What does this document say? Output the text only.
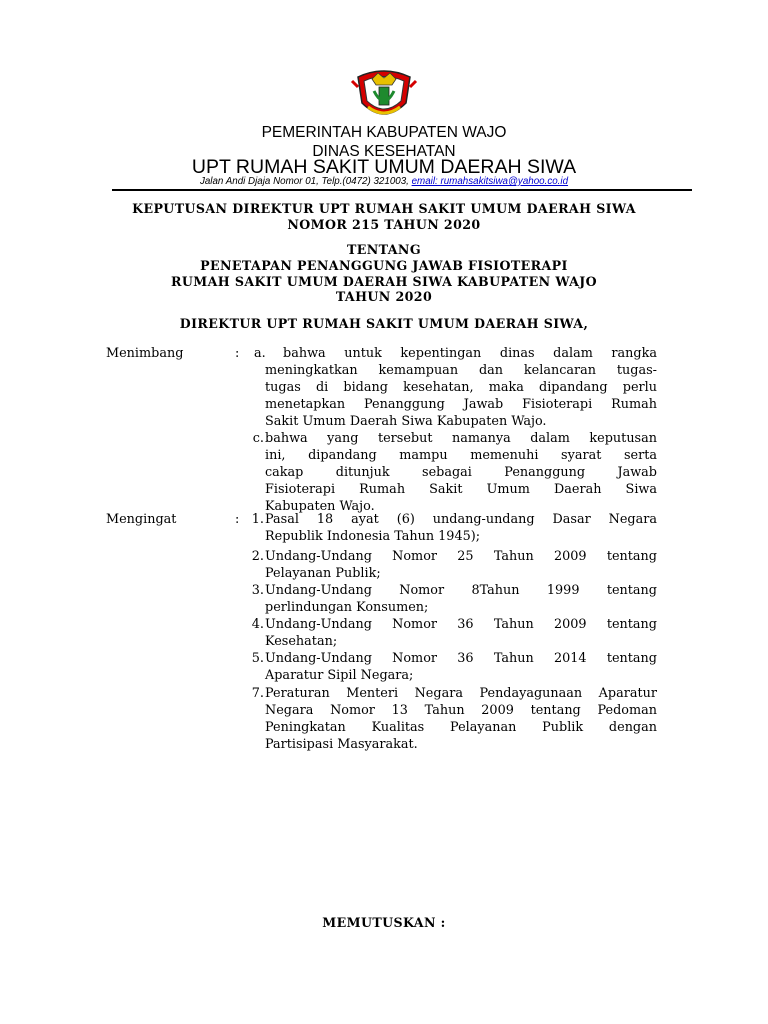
PEMERINTAH KABUPATEN WAJO
DINAS KESEHATAN
UPT RUMAH SAKIT UMUM DAERAH SIWA
Jalan Andi Djaja Nomor 01, Telp.(0472) 321003, email: rumahsakitsiwa@yahoo.co.id
KEPUTUSAN DIREKTUR UPT RUMAH SAKIT UMUM DAERAH SIWA
NOMOR 215 TAHUN 2020
TENTANG
PENETAPAN PENANGGUNG JAWAB FISIOTERAPI
RUMAH SAKIT UMUM DAERAH SIWA KABUPATEN WAJO
TAHUN 2020
DIREKTUR UPT RUMAH SAKIT UMUM DAERAH SIWA,
Menimbang	: a.	bahwa untuk kepentingan dinas dalam rangka
meningkatkan kemampuan dan kelancaran tugas-
tugas di bidang kesehatan, maka dipandang perlu
menetapkan Penanggung Jawab Fisioterapi Rumah
Sakit Umum Daerah Siwa Kabupaten Wajo.
c. bahwa yang tersebut namanya dalam keputusan
ini, dipandang mampu memenuhi syarat serta
cakap ditunjuk sebagai Penanggung Jawab
Fisioterapi Rumah Sakit Umum Daerah Siwa
Kabupaten Wajo.
Mengingat	: 1. Pasal 18 ayat (6) undang-undang Dasar Negara
Republik Indonesia Tahun 1945);
2. Undang-Undang Nomor 25 Tahun 2009 tentang
Pelayanan Publik;
3. Undang-Undang Nomor 8Tahun 1999 tentang
perlindungan Konsumen;
4. Undang-Undang Nomor 36 Tahun 2009 tentang
Kesehatan;
5. Undang-Undang Nomor 36 Tahun 2014 tentang
Aparatur Sipil Negara;
7. Peraturan Menteri Negara Pendayagunaan Aparatur
Negara Nomor 13 Tahun 2009 tentang Pedoman
Peningkatan Kualitas Pelayanan Publik dengan
Partisipasi Masyarakat.
MEMUTUSKAN :
